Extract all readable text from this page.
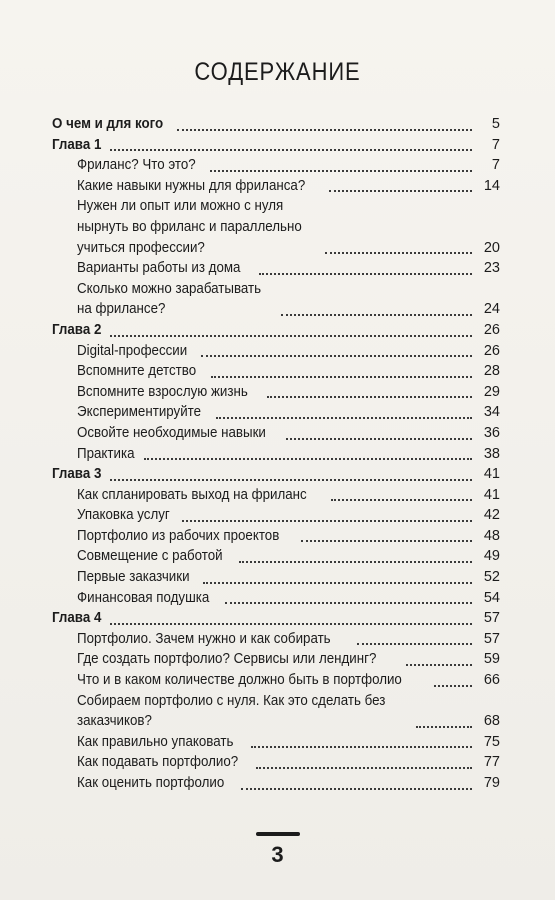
СОДЕРЖАНИЕ
О чем и для кого	5
Глава 1	7
Фриланс? Что это?	7
Какие навыки нужны для фриланса?	14
Нужен ли опыт или можно с нуля
нырнуть во фриланс и параллельно
учиться профессии?	20
Варианты работы из дома	23
Сколько можно зарабатывать
на фрилансе?	24
Глава 2	26
Digital-профессии	26
Вспомните детство	28
Вспомните взрослую жизнь	29
Экспериментируйте	34
Освойте необходимые навыки	36
Практика	38
Глава 3	41
Как спланировать выход на фриланс	41
Упаковка услуг	42
Портфолио из рабочих проектов	48
Совмещение с работой	49
Первые заказчики	52
Финансовая подушка	54
Глава 4	57
Портфолио. Зачем нужно и как собирать	57
Где создать портфолио? Сервисы или лендинг?	59
Что и в каком количестве должно быть в портфолио	66
Собираем портфолио с нуля. Как это сделать без
заказчиков?	68
Как правильно упаковать	75
Как подавать портфолио?	77
Как оценить портфолио	79
3
